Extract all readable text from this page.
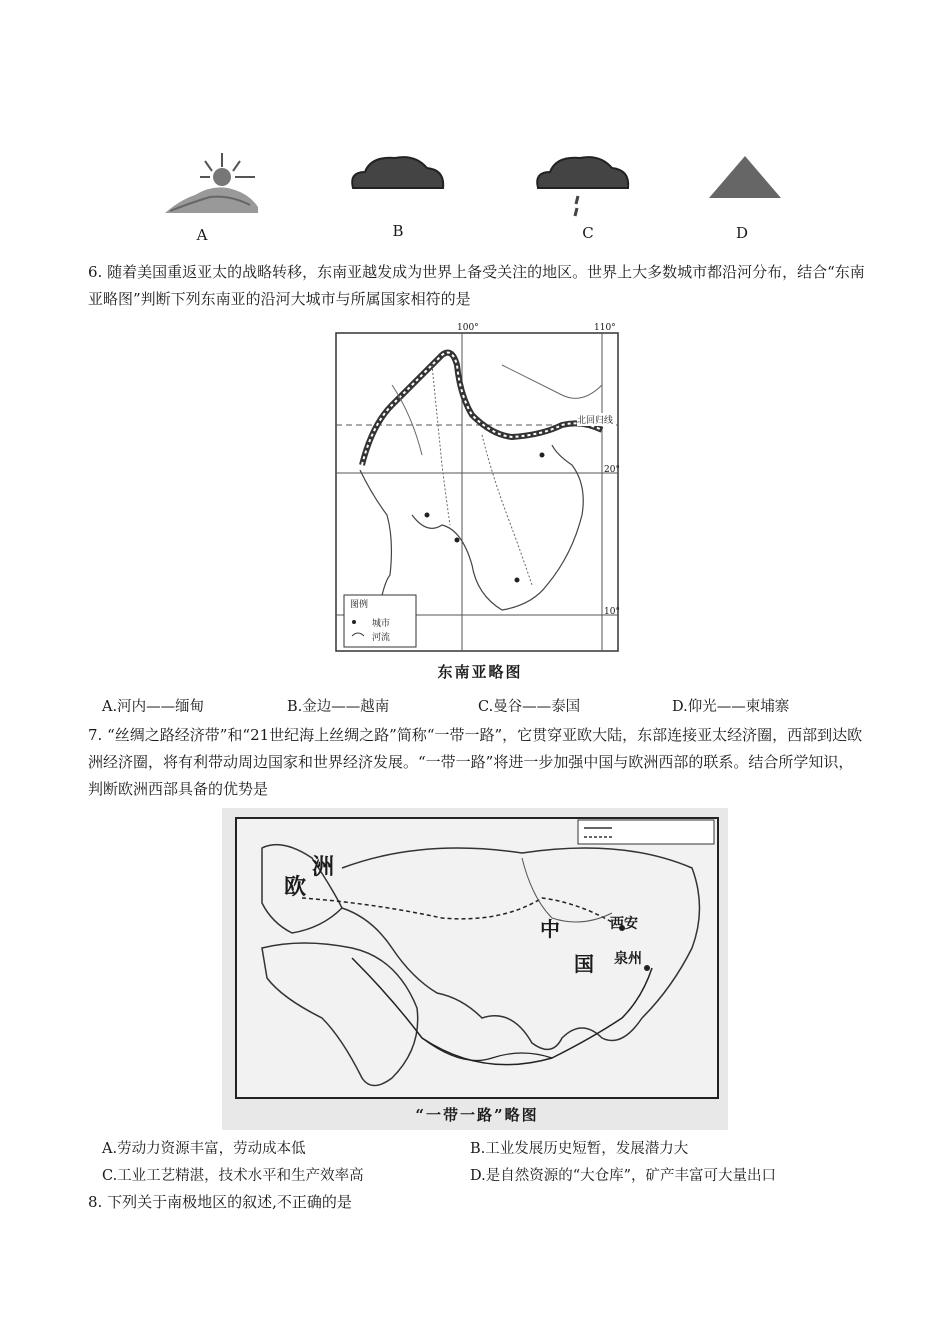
A	B	C	D
6. 随着美国重返亚太的战略转移，东南亚越发成为世界上备受关注的地区。世界上大多数城市都沿河分布，结合“东南亚略图”判断下列东南亚的沿河大城市与所属国家相符的是
100°	110°
20°
10°
北回归线
图例
城市
河流
东南亚略图
A.河内——缅甸	B.金边——越南	C.曼谷——泰国	D.仰光——柬埔寨
7. “丝绸之路经济带”和“21世纪海上丝绸之路”简称“一带一路”，它贯穿亚欧大陆，东部连接亚太经济圈，西部到达欧洲经济圈，将有利带动周边国家和世界经济发展。“一带一路”将进一步加强中国与欧洲西部的联系。结合所学知识，判断欧洲西部具备的优势是
欧
洲
中
国
西安
泉州
“一带一路”略图
A.劳动力资源丰富，劳动成本低	B.工业发展历史短暂，发展潜力大
C.工业工艺精湛，技术水平和生产效率高	D.是自然资源的“大仓库”，矿产丰富可大量出口
8. 下列关于南极地区的叙述,不正确的是
